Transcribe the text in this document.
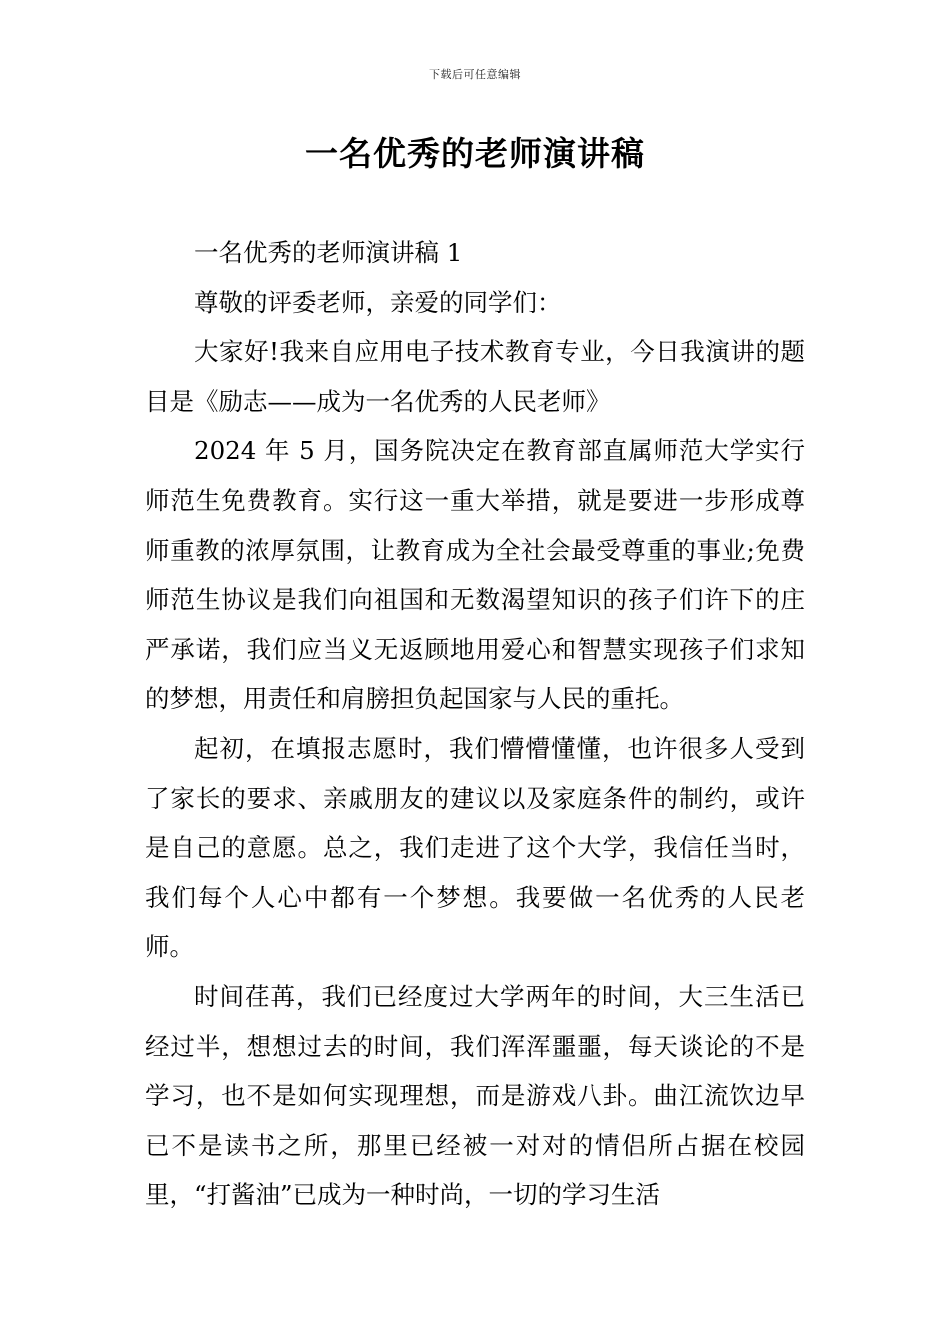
下载后可任意编辑
一名优秀的老师演讲稿

一名优秀的老师演讲稿 1

尊敬的评委老师，亲爱的同学们：

大家好!我来自应用电子技术教育专业，今日我演讲的题目是《励志——成为一名优秀的人民老师》

2024 年 5 月，国务院决定在教育部直属师范大学实行师范生免费教育。实行这一重大举措，就是要进一步形成尊师重教的浓厚氛围，让教育成为全社会最受尊重的事业;免费师范生协议是我们向祖国和无数渴望知识的孩子们许下的庄严承诺，我们应当义无返顾地用爱心和智慧实现孩子们求知的梦想，用责任和肩膀担负起国家与人民的重托。

起初，在填报志愿时，我们懵懵懂懂，也许很多人受到了家长的要求、亲戚朋友的建议以及家庭条件的制约，或许是自己的意愿。总之，我们走进了这个大学，我信任当时，我们每个人心中都有一个梦想。我要做一名优秀的人民老师。

时间荏苒，我们已经度过大学两年的时间，大三生活已经过半，想想过去的时间，我们浑浑噩噩，每天谈论的不是学习，也不是如何实现理想，而是游戏八卦。曲江流饮边早已不是读书之所，那里已经被一对对的情侣所占据在校园里，“打酱油”已成为一种时尚，一切的学习生活
